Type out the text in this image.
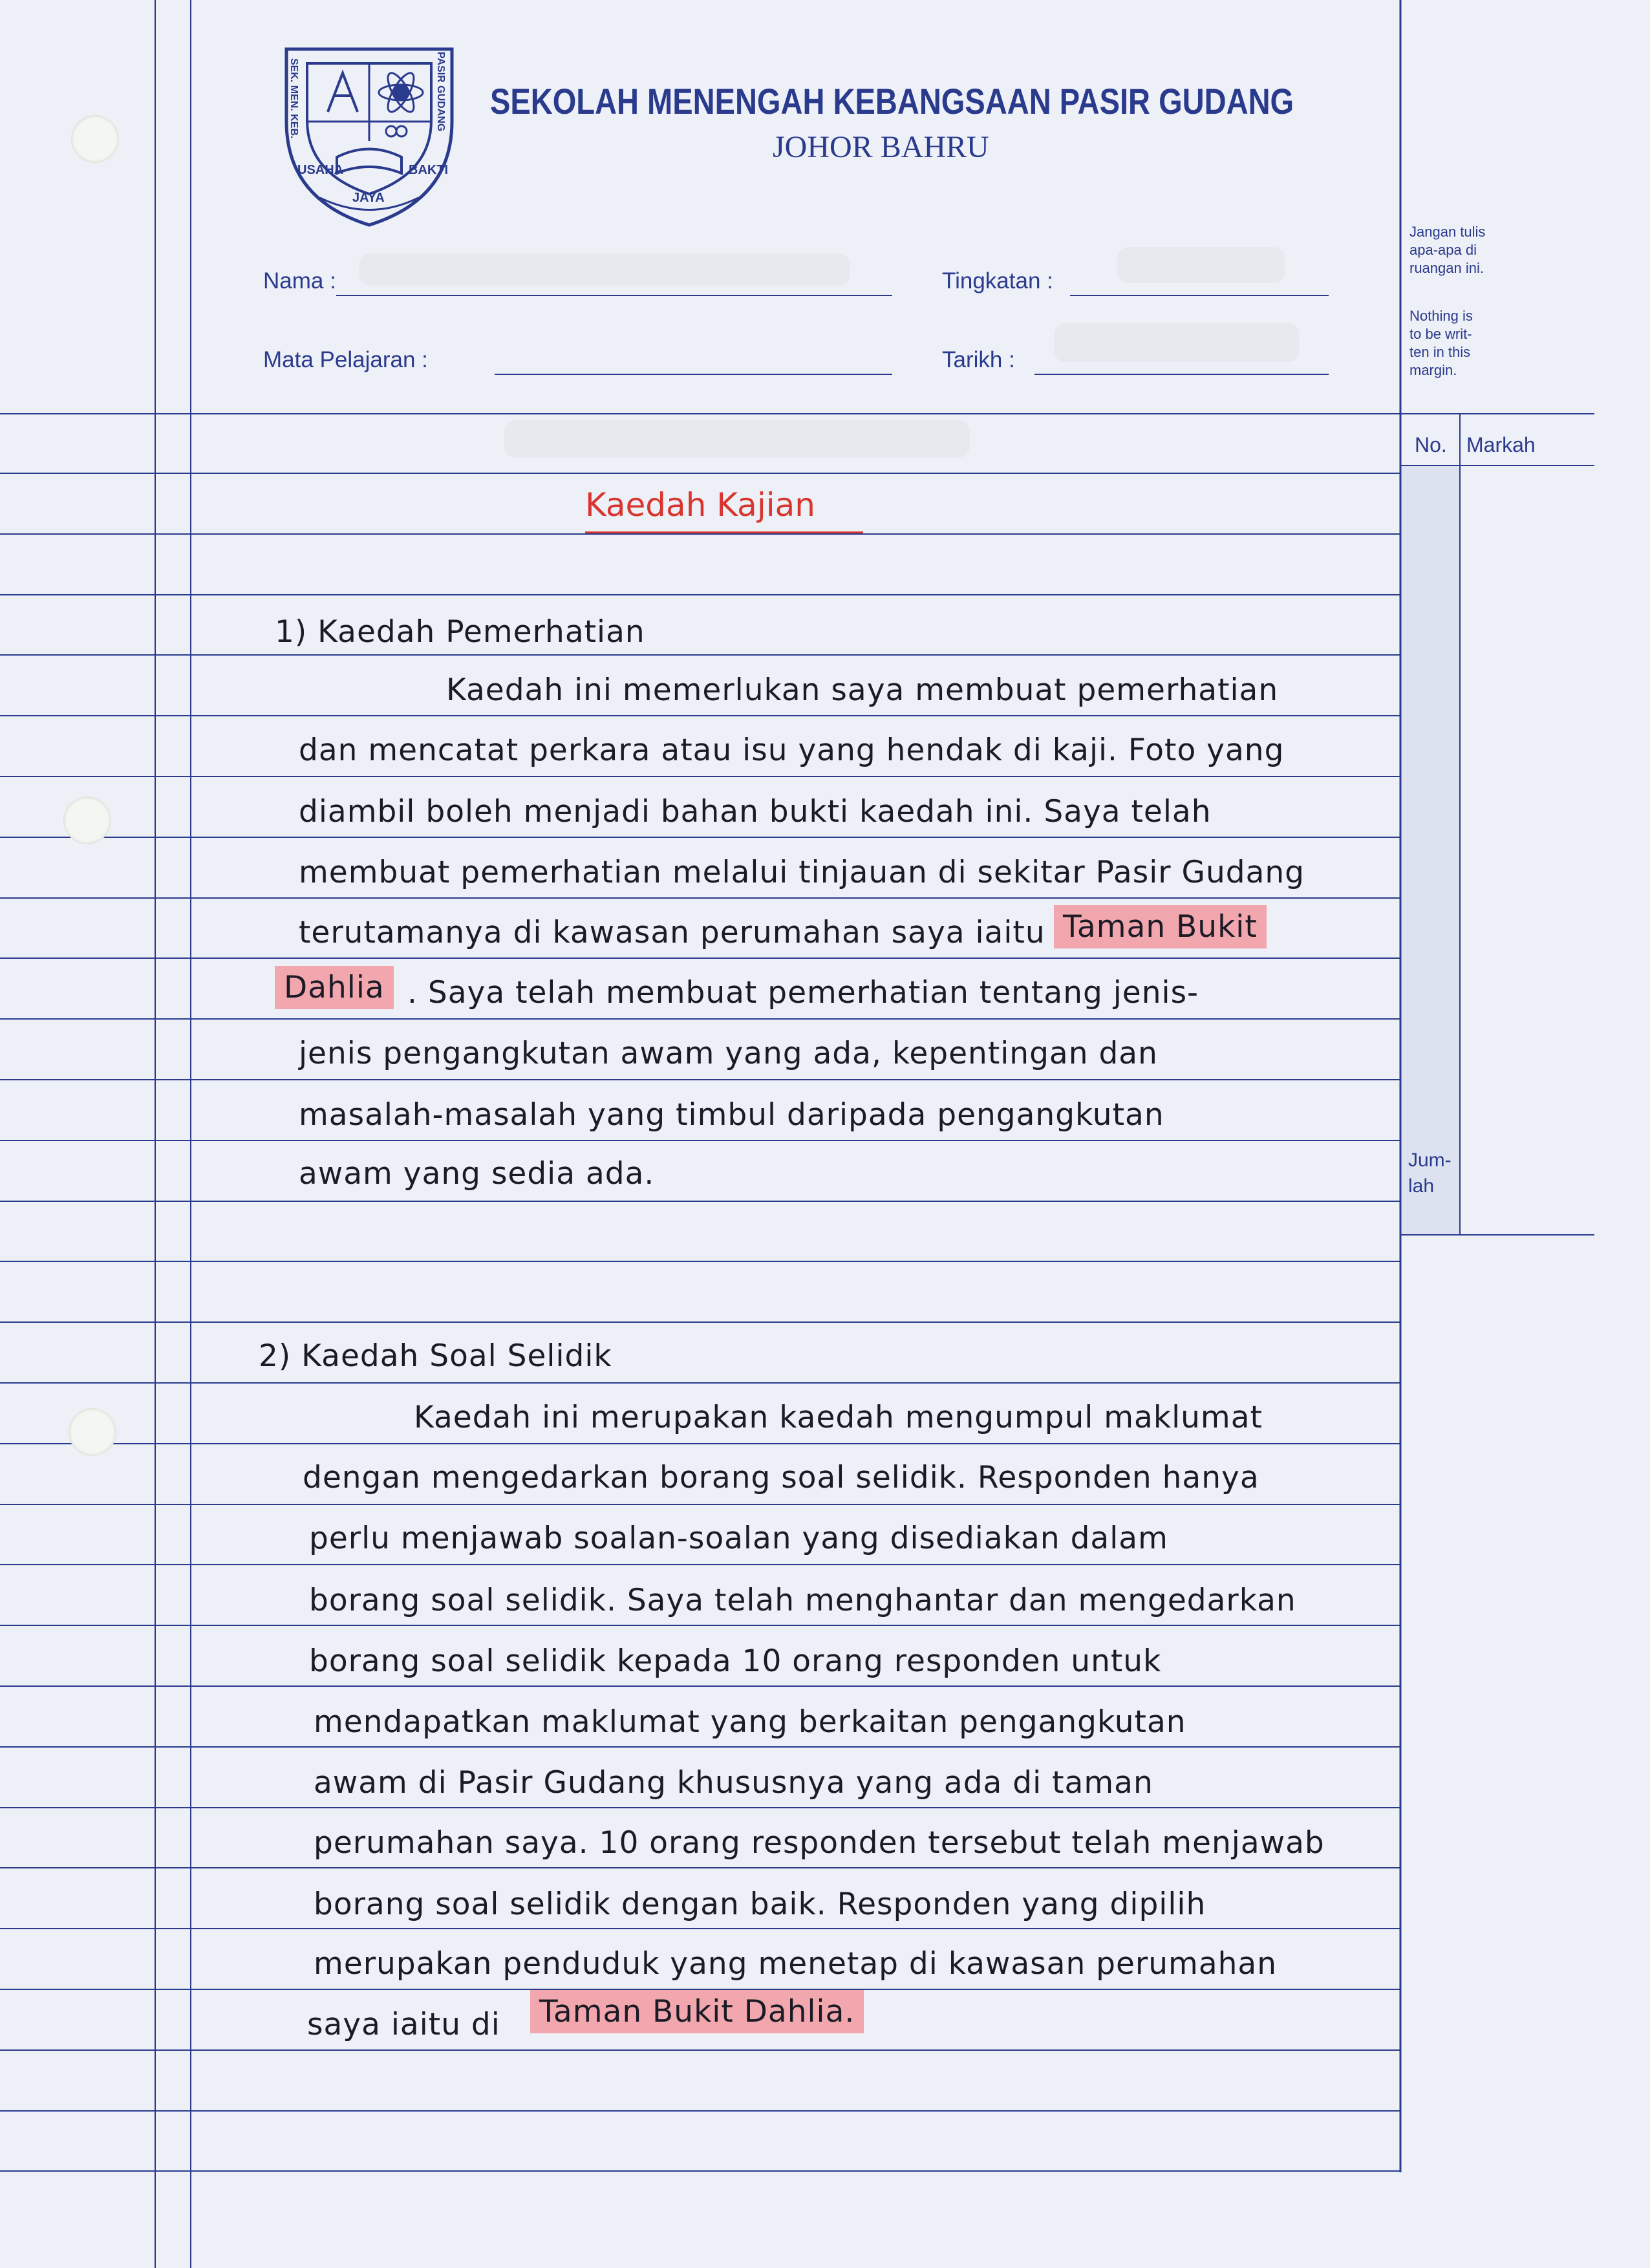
USAHA
JAYA
BAKTI
SEK. MEN. KEB.	PASIR GUDANG SEKOLAH MENENGAH KEBANGSAAN PASIR GUDANG
JOHOR BAHRU
Nama :	Tingkatan :
Mata Pelajaran :	Tarikh :
Jangan tulis apa-apa di ruangan ini.
Nothing is to be writ- ten in this margin.
No. Markah
Jum- lah
Kaedah Kajian
1) Kaedah Pemerhatian
Kaedah ini memerlukan saya membuat pemerhatian
dan mencatat perkara atau isu yang hendak di kaji. Foto yang
diambil boleh menjadi bahan bukti kaedah ini. Saya telah
membuat pemerhatian melalui tinjauan di sekitar Pasir Gudang
terutamanya di kawasan perumahan saya iaitu Taman Bukit
Dahlia . Saya telah membuat pemerhatian tentang jenis-
jenis pengangkutan awam yang ada, kepentingan dan
masalah-masalah yang timbul daripada pengangkutan
awam yang sedia ada.
2) Kaedah Soal Selidik
Kaedah ini merupakan kaedah mengumpul maklumat
dengan mengedarkan borang soal selidik. Responden hanya
perlu menjawab soalan-soalan yang disediakan dalam
borang soal selidik. Saya telah menghantar dan mengedarkan
borang soal selidik kepada 10 orang responden untuk
mendapatkan maklumat yang berkaitan pengangkutan
awam di Pasir Gudang khususnya yang ada di taman
perumahan saya. 10 orang responden tersebut telah menjawab
borang soal selidik dengan baik. Responden yang dipilih
merupakan penduduk yang menetap di kawasan perumahan
saya iaitu di Taman Bukit Dahlia.
